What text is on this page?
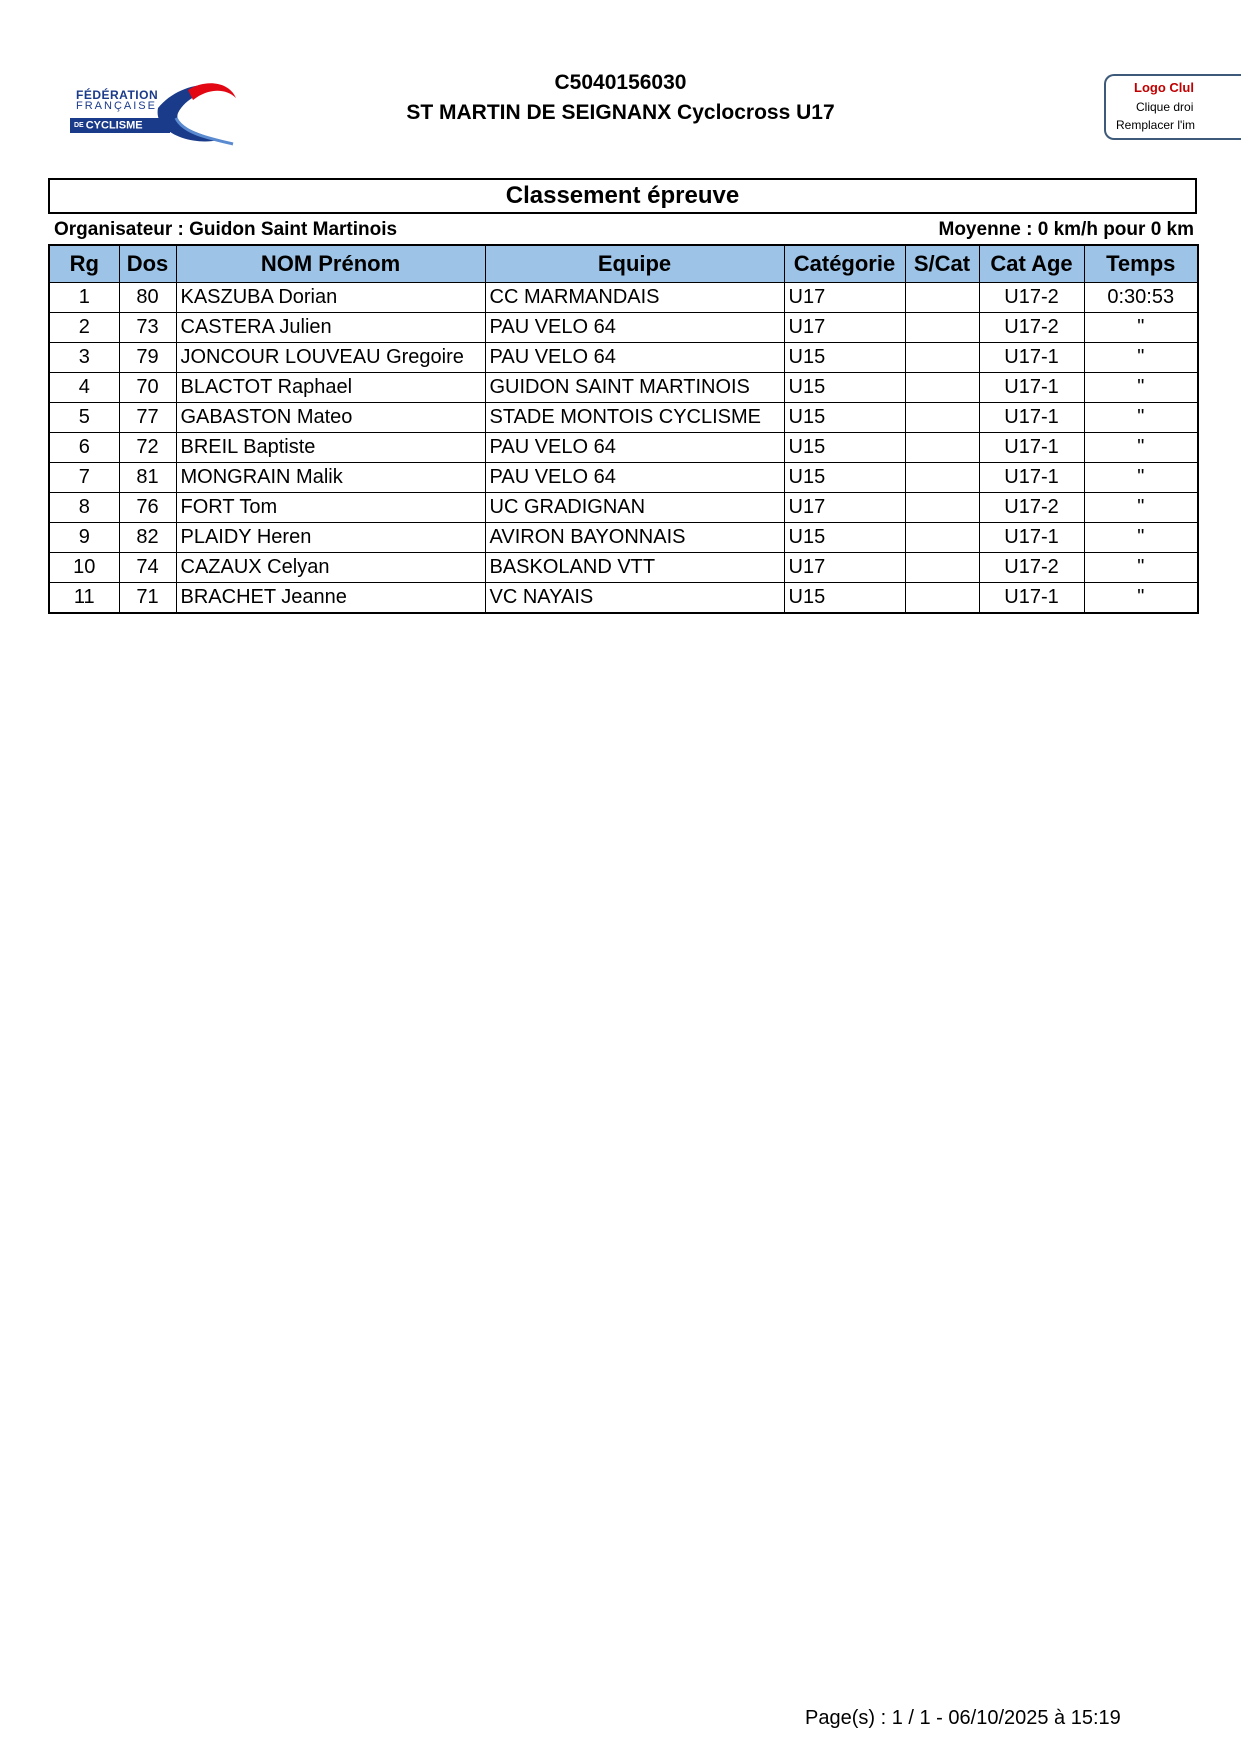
FÉDÉRATION
FRANÇAISE
DE CYCLISME
C5040156030
ST MARTIN DE SEIGNANX Cyclocross U17
Logo Clul
Clique droi
Remplacer l'im
Classement épreuve
Organisateur : Guidon Saint Martinois	Moyenne : 0 km/h pour 0 km
Rg	Dos	NOM Prénom	Equipe	Catégorie	S/Cat	Cat Age	Temps
1	80	KASZUBA Dorian	CC MARMANDAIS	U17		U17-2	0:30:53
2	73	CASTERA Julien	PAU VELO 64	U17		U17-2	"
3	79	JONCOUR LOUVEAU Gregoire	PAU VELO 64	U15		U17-1	"
4	70	BLACTOT Raphael	GUIDON SAINT MARTINOIS	U15		U17-1	"
5	77	GABASTON Mateo	STADE MONTOIS CYCLISME	U15		U17-1	"
6	72	BREIL Baptiste	PAU VELO 64	U15		U17-1	"
7	81	MONGRAIN Malik	PAU VELO 64	U15		U17-1	"
8	76	FORT Tom	UC GRADIGNAN	U17		U17-2	"
9	82	PLAIDY Heren	AVIRON BAYONNAIS	U15		U17-1	"
10	74	CAZAUX Celyan	BASKOLAND VTT	U17		U17-2	"
11	71	BRACHET Jeanne	VC NAYAIS	U15		U17-1	"
Page(s) : 1 / 1 - 06/10/2025 à 15:19
